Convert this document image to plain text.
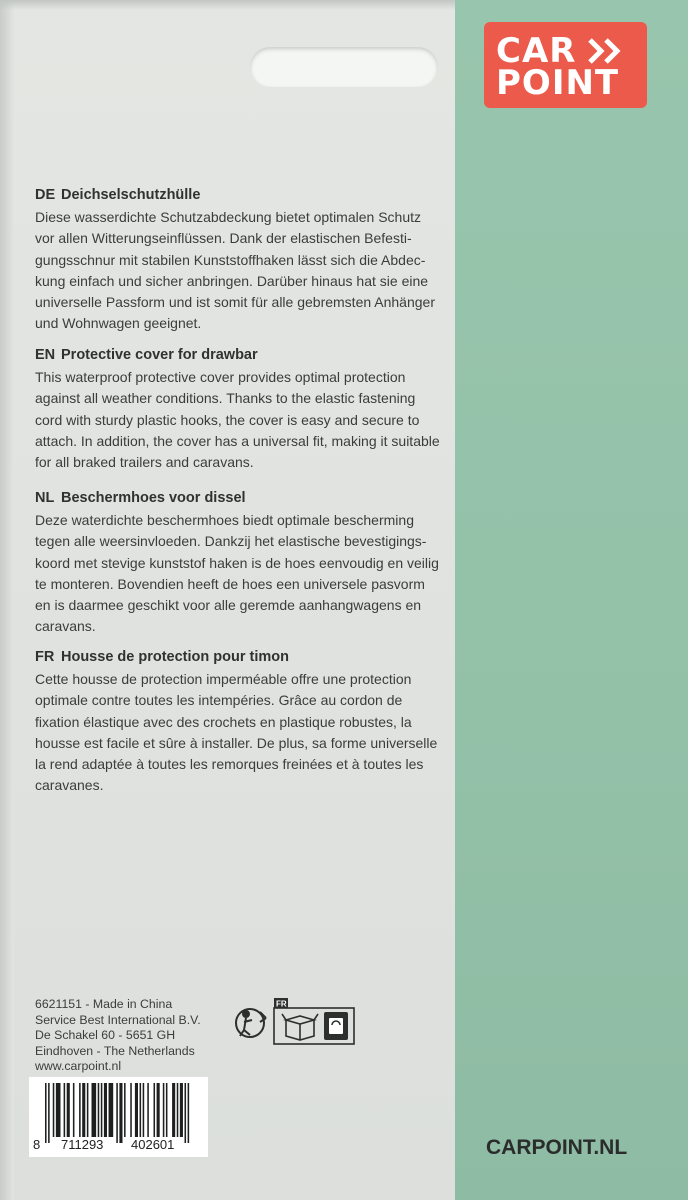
CAR
POINT
DE Deichselschutzhülle

Diese wasserdichte Schutzabdeckung bietet optimalen Schutz

vor allen Witterungseinflüssen. Dank der elastischen Befesti-

gungsschnur mit stabilen Kunststoffhaken lässt sich die Abdec-

kung einfach und sicher anbringen. Darüber hinaus hat sie eine

universelle Passform und ist somit für alle gebremsten Anhänger

und Wohnwagen geeignet.

EN Protective cover for drawbar

This waterproof protective cover provides optimal protection

against all weather conditions. Thanks to the elastic fastening

cord with sturdy plastic hooks, the cover is easy and secure to

attach. In addition, the cover has a universal fit, making it suitable

for all braked trailers and caravans.

NL Beschermhoes voor dissel

Deze waterdichte beschermhoes biedt optimale bescherming

tegen alle weersinvloeden. Dankzij het elastische bevestigings-

koord met stevige kunststof haken is de hoes eenvoudig en veilig

te monteren. Bovendien heeft de hoes een universele pasvorm

en is daarmee geschikt voor alle geremde aanhangwagens en

caravans.

FR Housse de protection pour timon

Cette housse de protection imperméable offre une protection

optimale contre toutes les intempéries. Grâce au cordon de

fixation élastique avec des crochets en plastique robustes, la

housse est facile et sûre à installer. De plus, sa forme universelle

la rend adaptée à toutes les remorques freinées et à toutes les

caravanes.

6621151 - Made in China
Service Best International B.V.
De Schakel 60 - 5651 GH
Eindhoven - The Netherlands
www.carpoint.nl
FR
8 711293 402601	CARPOINT.NL
